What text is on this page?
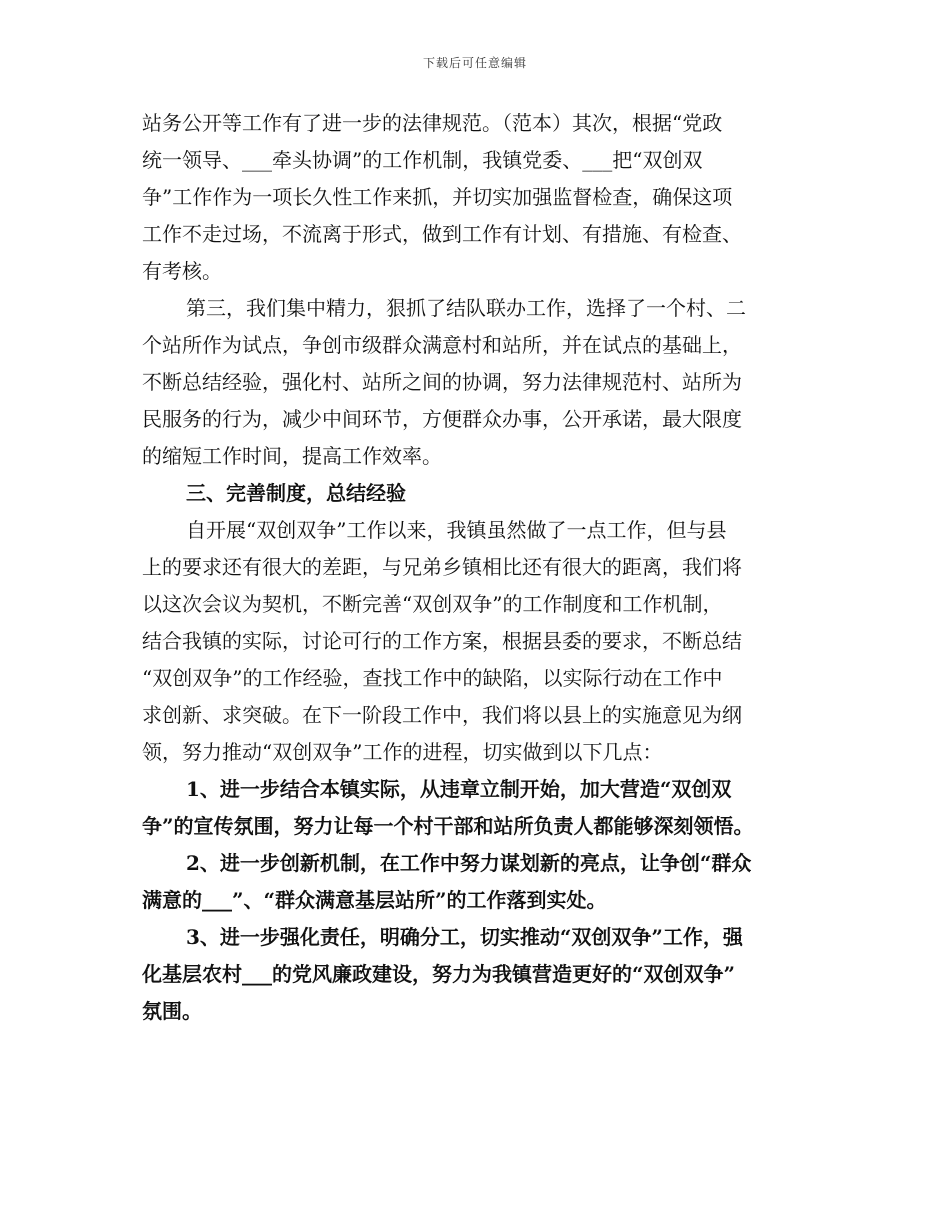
下载后可任意编辑
站务公开等工作有了进一步的法律规范。（范本）其次，根据“党政
统一领导、___牵头协调”的工作机制，我镇党委、___把“双创双
争”工作作为一项长久性工作来抓，并切实加强监督检查，确保这项
工作不走过场，不流离于形式，做到工作有计划、有措施、有检查、
有考核。
第三，我们集中精力，狠抓了结队联办工作，选择了一个村、二
个站所作为试点，争创市级群众满意村和站所，并在试点的基础上，
不断总结经验，强化村、站所之间的协调，努力法律规范村、站所为
民服务的行为，减少中间环节，方便群众办事，公开承诺，最大限度
的缩短工作时间，提高工作效率。
三、完善制度，总结经验
自开展“双创双争”工作以来，我镇虽然做了一点工作，但与县
上的要求还有很大的差距，与兄弟乡镇相比还有很大的距离，我们将
以这次会议为契机，不断完善“双创双争”的工作制度和工作机制，
结合我镇的实际，讨论可行的工作方案，根据县委的要求，不断总结
“双创双争”的工作经验，查找工作中的缺陷，以实际行动在工作中
求创新、求突破。在下一阶段工作中，我们将以县上的实施意见为纲
领，努力推动“双创双争”工作的进程，切实做到以下几点：
1、进一步结合本镇实际，从违章立制开始，加大营造“双创双
争”的宣传氛围，努力让每一个村干部和站所负责人都能够深刻领悟。
2、进一步创新机制，在工作中努力谋划新的亮点，让争创“群众
满意的___”、“群众满意基层站所”的工作落到实处。
3、进一步强化责任，明确分工，切实推动“双创双争”工作，强
化基层农村___的党风廉政建设，努力为我镇营造更好的“双创双争”
氛围。
